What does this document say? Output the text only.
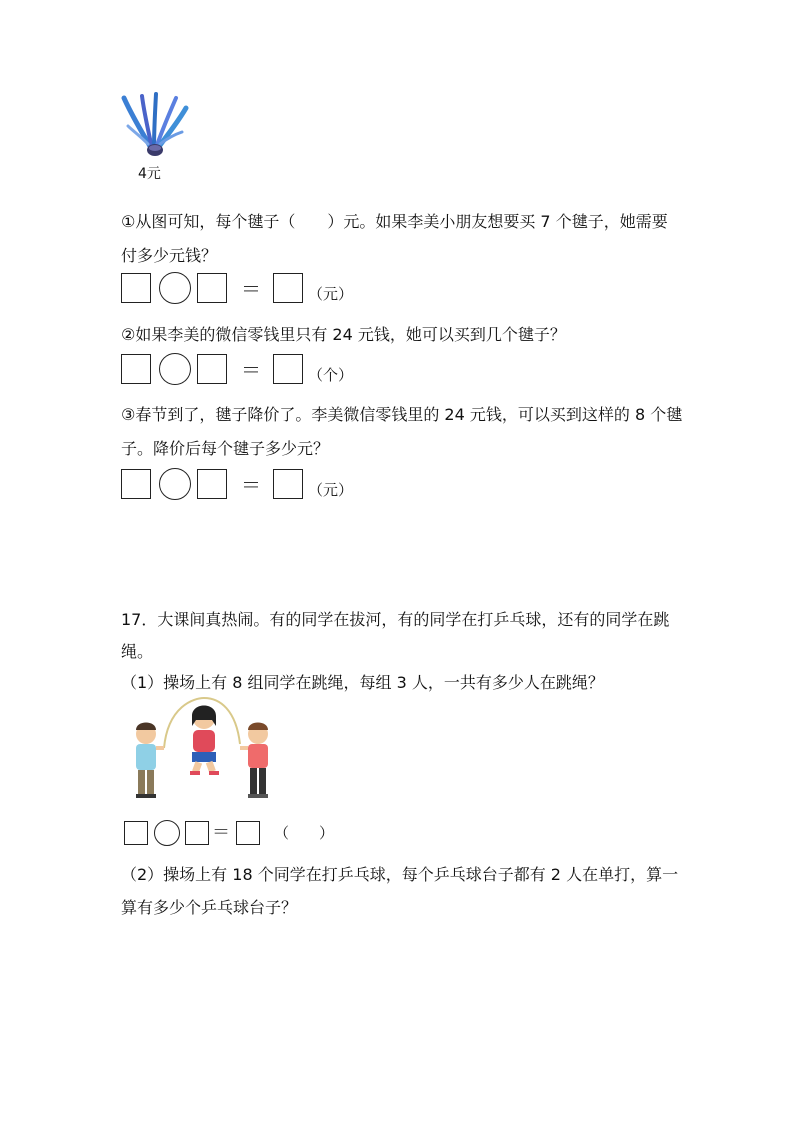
4元
①从图可知，每个毽子（　　）元。如果李美小朋友想要买 7 个毽子，她需要
付多少元钱？
＝	（元）
②如果李美的微信零钱里只有 24 元钱，她可以买到几个毽子？
＝	（个）
③春节到了，毽子降价了。李美微信零钱里的 24 元钱，可以买到这样的 8 个毽
子。降价后每个毽子多少元？
＝	（元）
17．大课间真热闹。有的同学在拔河，有的同学在打乒乓球，还有的同学在跳
绳。
（1）操场上有 8 组同学在跳绳，每组 3 人，一共有多少人在跳绳？
＝	（　　）
（2）操场上有 18 个同学在打乒乓球，每个乒乓球台子都有 2 人在单打，算一
算有多少个乒乓球台子？
